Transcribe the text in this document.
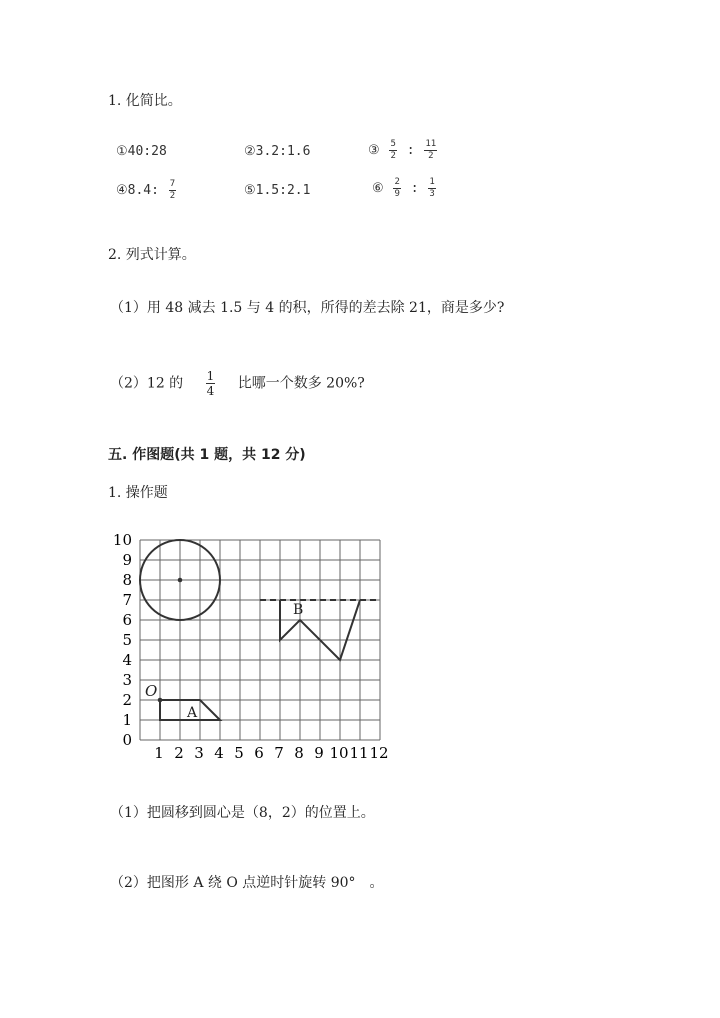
1. 化简比。
①40:28	②3.2:1.6	③ $\frac{5}{2}$ : $\frac{11}{2}$
④8.4: $\frac{7}{2}$	⑤1.5:2.1	⑥ $\frac{2}{9}$ : $\frac{1}{3}$
2. 列式计算。
（1）用 48 减去 1.5 与 4 的积，所得的差去除 21，商是多少?
（2）12 的 $\frac{1}{4}$ 比哪一个数多 20%?
五. 作图题(共 1 题，共 12 分)
1. 操作题
1 2 3 4 5 6 7 8 9 10 11 12
0
1
2
3
4
5
6
7
8
9
10
O
A
B
（1）把圆移到圆心是（8，2）的位置上。
（2）把图形 A 绕 O 点逆时针旋转 90°　。
